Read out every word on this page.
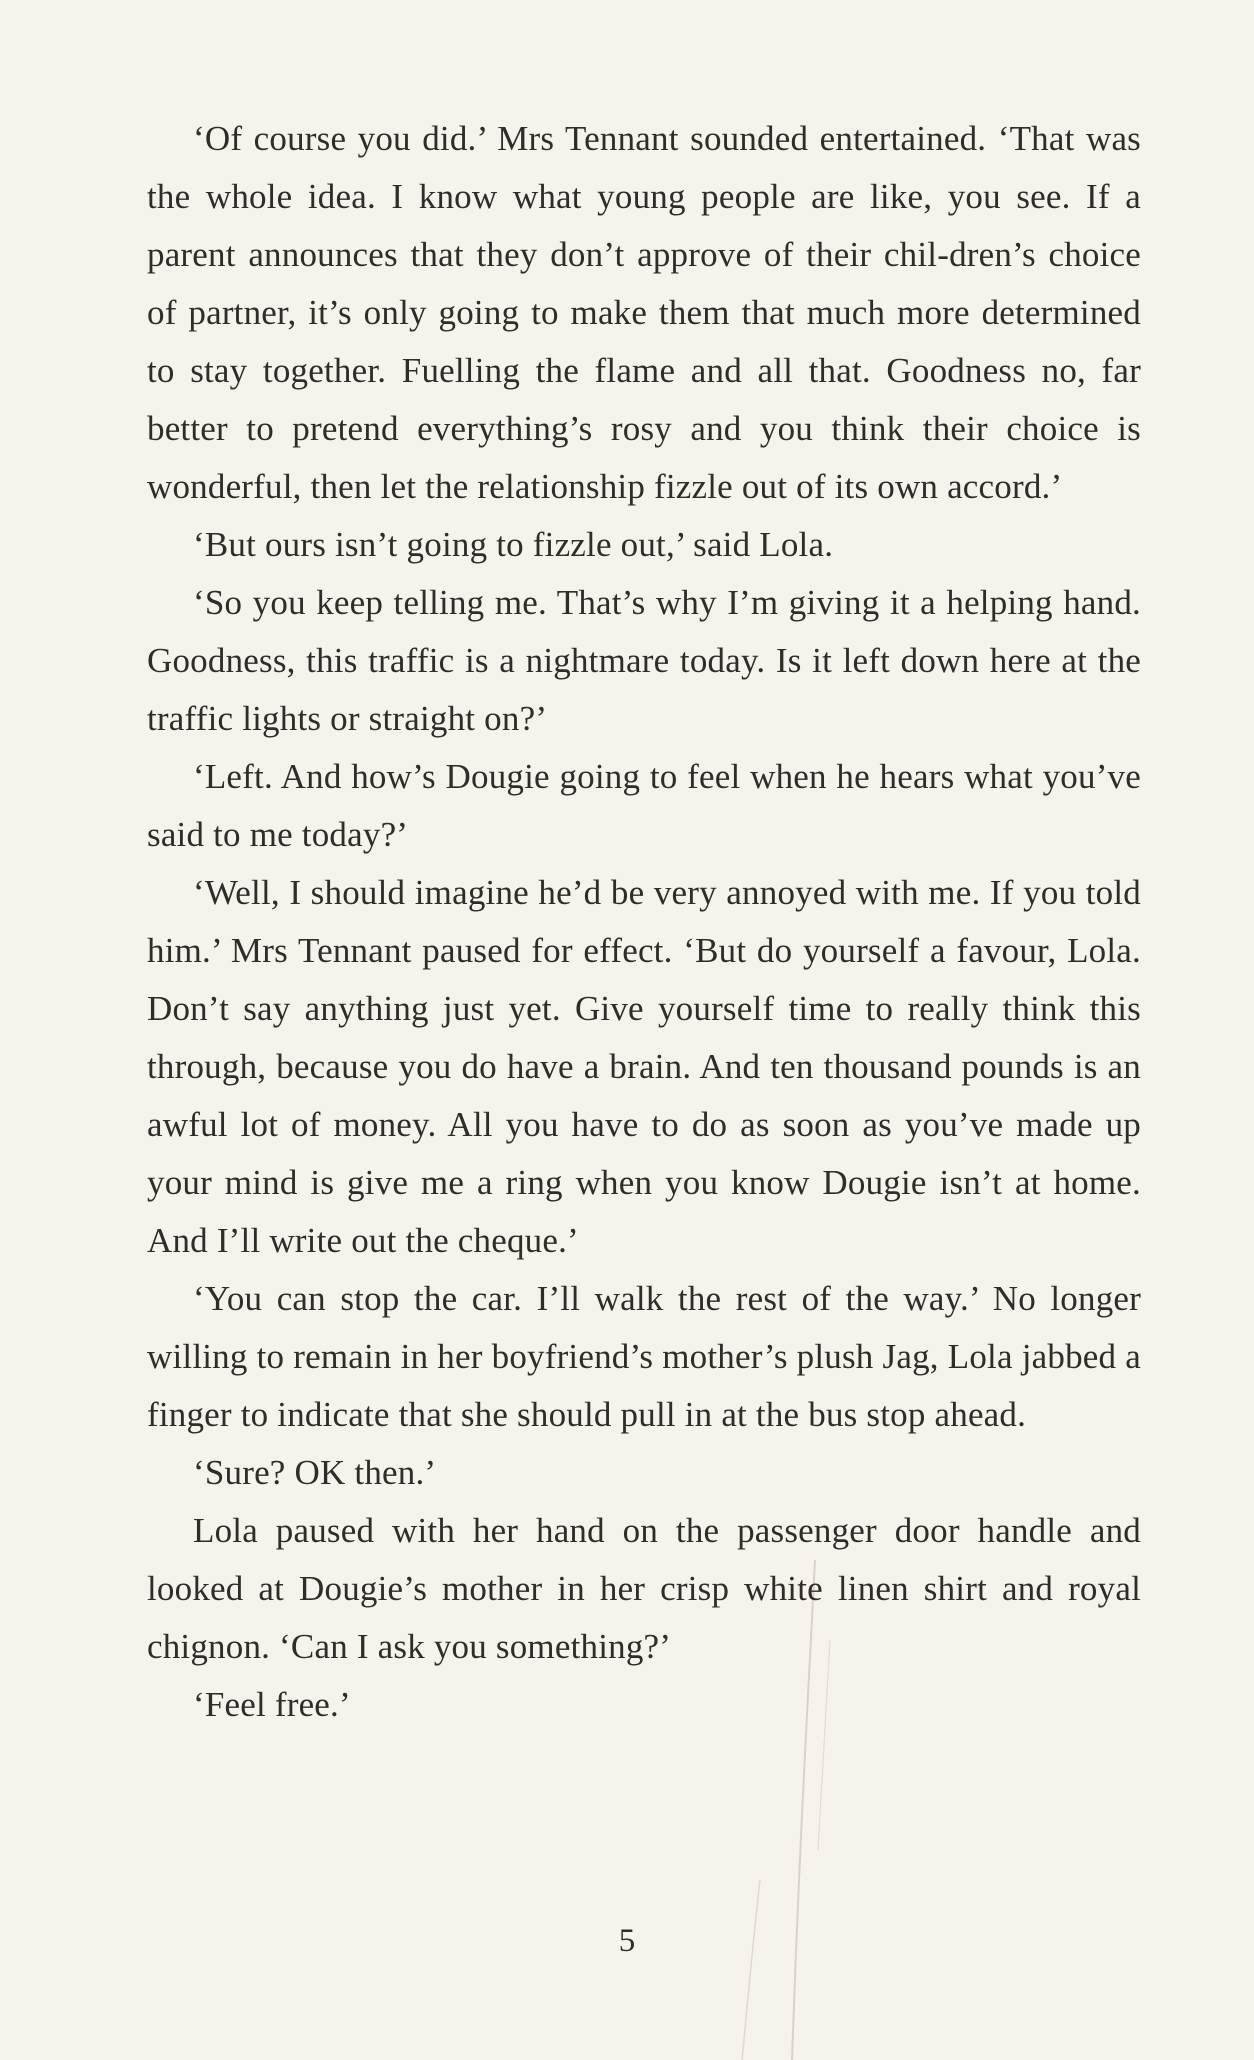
‘Of course you did.’ Mrs Tennant sounded entertained. ‘That was the whole idea. I know what young people are like, you see. If a parent announces that they don’t approve of their chil-dren’s choice of partner, it’s only going to make them that much more determined to stay together. Fuelling the flame and all that. Goodness no, far better to pretend everything’s rosy and you think their choice is wonderful, then let the relationship fizzle out of its own accord.’

‘But ours isn’t going to fizzle out,’ said Lola.

‘So you keep telling me. That’s why I’m giving it a helping hand. Goodness, this traffic is a nightmare today. Is it left down here at the traffic lights or straight on?’

‘Left. And how’s Dougie going to feel when he hears what you’ve said to me today?’

‘Well, I should imagine he’d be very annoyed with me. If you told him.’ Mrs Tennant paused for effect. ‘But do yourself a favour, Lola. Don’t say anything just yet. Give yourself time to really think this through, because you do have a brain. And ten thousand pounds is an awful lot of money. All you have to do as soon as you’ve made up your mind is give me a ring when you know Dougie isn’t at home. And I’ll write out the cheque.’

‘You can stop the car. I’ll walk the rest of the way.’ No longer willing to remain in her boyfriend’s mother’s plush Jag, Lola jabbed a finger to indicate that she should pull in at the bus stop ahead.

‘Sure? OK then.’

Lola paused with her hand on the passenger door handle and looked at Dougie’s mother in her crisp white linen shirt and royal chignon. ‘Can I ask you something?’

‘Feel free.’

5
